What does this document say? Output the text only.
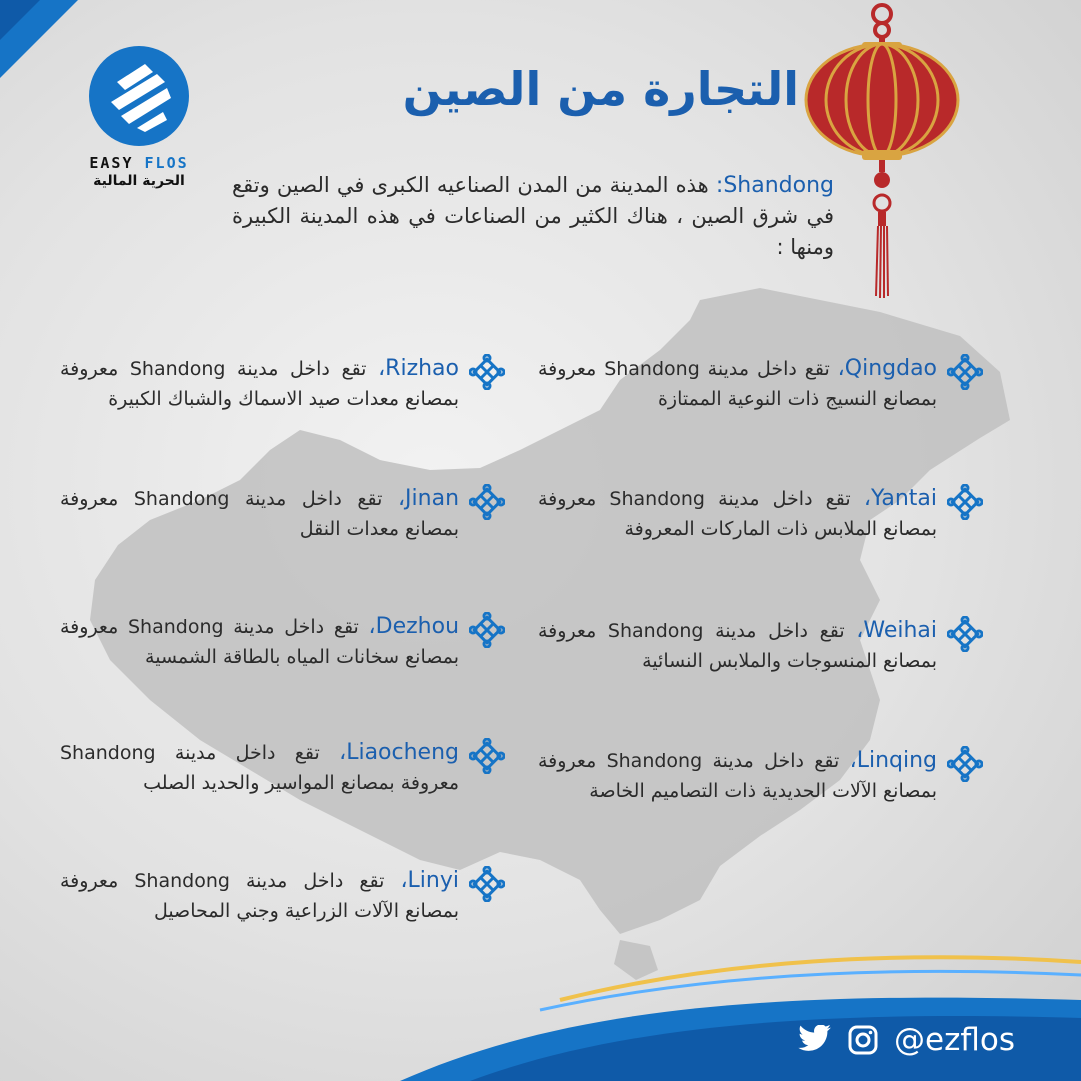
EASY FLOS
الحرية المالية
التجارة من الصين
Shandong: هذه المدينة من المدن الصناعيه الكبرى في الصين وتقع في شرق الصين ، هناك الكثير من الصناعات في هذه المدينة الكبيرة ومنها :
Qingdao، تقع داخل مدينة Shandong معروفة بمصانع النسيج ذات النوعية الممتازة
Rizhao، تقع داخل مدينة Shandong معروفة بمصانع معدات صيد الاسماك والشباك الكبيرة
Yantai، تقع داخل مدينة Shandong معروفة بمصانع الملابس ذات الماركات المعروفة
Jinan، تقع داخل مدينة Shandong معروفة بمصانع معدات النقل
Weihai، تقع داخل مدينة Shandong معروفة بمصانع المنسوجات والملابس النسائية
Dezhou، تقع داخل مدينة Shandong معروفة بمصانع سخانات المياه بالطاقة الشمسية
Linqing، تقع داخل مدينة Shandong معروفة بمصانع الآلات الحديدية ذات التصاميم الخاصة
Liaocheng، تقع داخل مدينة Shandong معروفة بمصانع المواسير والحديد الصلب
Linyi، تقع داخل مدينة Shandong معروفة بمصانع الآلات الزراعية وجني المحاصيل
@ezflos
